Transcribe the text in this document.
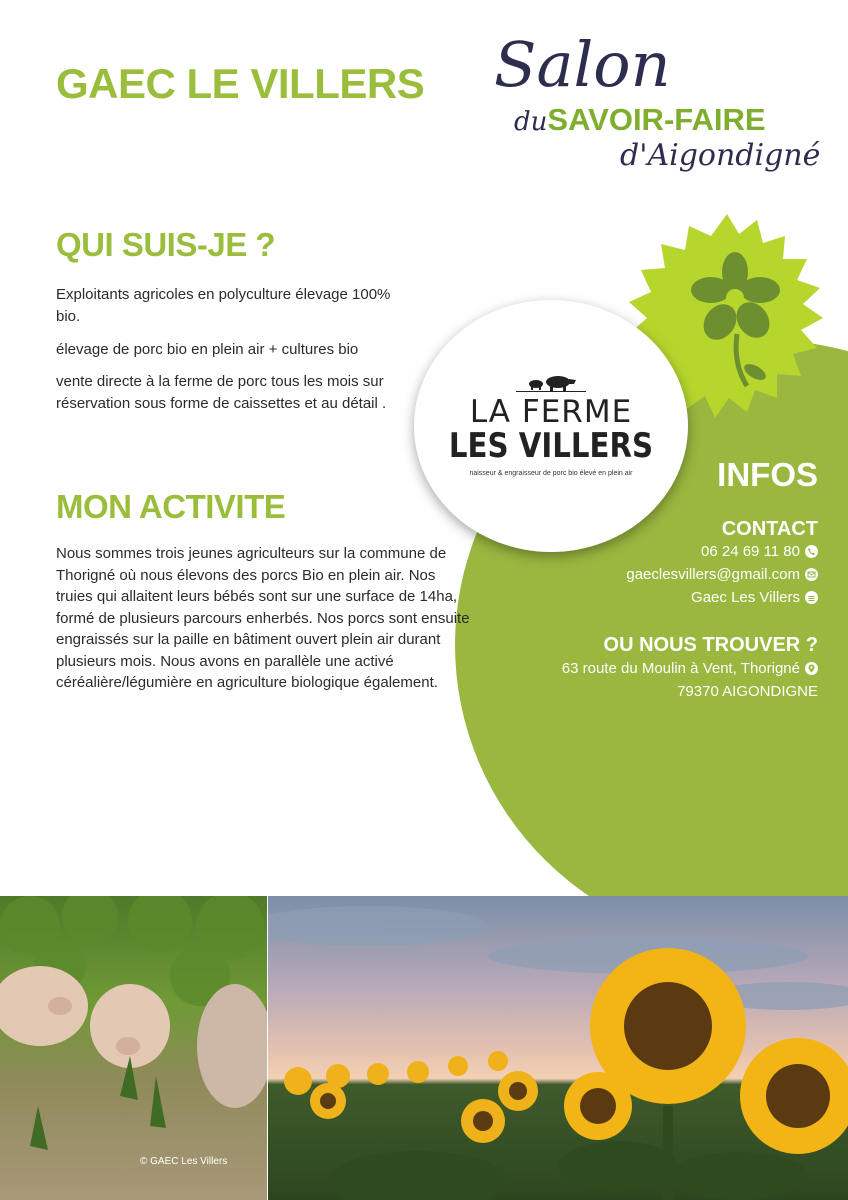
GAEC LE VILLERS Salon
duSAVOIR-FAIRE
d'Aigondigné
QUI SUIS-JE ?

Exploitants agricoles en polyculture élevage 100% bio.

élevage de porc bio en plein air + cultures bio

vente directe à la ferme de porc tous les mois sur réservation sous forme de caissettes et au détail .	LA FERME
LES VILLERS
naisseur & engraisseur de porc bio élevé en plein air
MON ACTIVITE

Nous sommes trois jeunes agriculteurs sur la commune de Thorigné où nous élevons des porcs Bio en plein air. Nos truies qui allaitent leurs bébés sont sur une surface de 14ha, formé de plusieurs parcours enherbés. Nos porcs sont ensuite engraissés sur la paille en bâtiment ouvert plein air durant plusieurs mois. Nous avons en parallèle une activé céréalière/légumière en agriculture biologique également.

INFOS
CONTACT
06 24 69 11 80
gaeclesvillers@gmail.com
Gaec Les Villers
OU NOUS TROUVER ?
63 route du Moulin à Vent, Thorigné
79370 AIGONDIGNE
© GAEC Les Villers
